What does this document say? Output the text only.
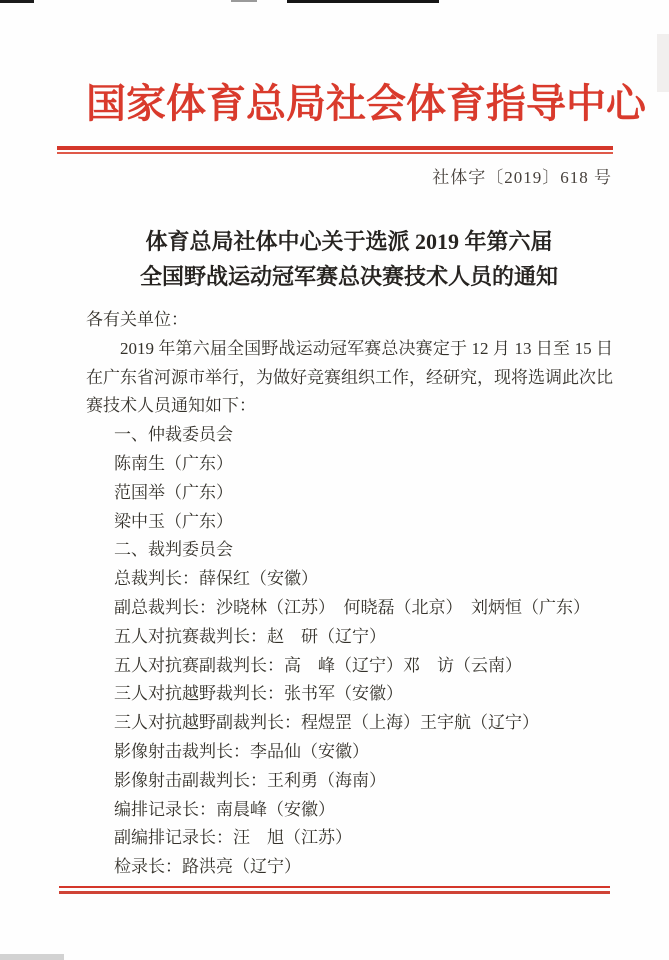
国家体育总局社会体育指导中心
社体字〔2019〕618 号
体育总局社体中心关于选派 2019 年第六届
全国野战运动冠军赛总决赛技术人员的通知
各有关单位：
2019 年第六届全国野战运动冠军赛总决赛定于 12 月 13 日至 15 日在广东省河源市举行，为做好竞赛组织工作，经研究，现将选调此次比赛技术人员通知如下：
一、仲裁委员会
陈南生（广东）
范国举（广东）
梁中玉（广东）
二、裁判委员会
总裁判长：薛保红（安徽）
副总裁判长：沙晓林（江苏）　何晓磊（北京）　刘炳恒（广东）
五人对抗赛裁判长：赵　研（辽宁）
五人对抗赛副裁判长：高　峰（辽宁）邓　访（云南）
三人对抗越野裁判长：张书军（安徽）
三人对抗越野副裁判长：程煜罡（上海）王宇航（辽宁）
影像射击裁判长：李品仙（安徽）
影像射击副裁判长：王利勇（海南）
编排记录长：南晨峰（安徽）
副编排记录长：汪　旭（江苏）
检录长：路洪亮（辽宁）
